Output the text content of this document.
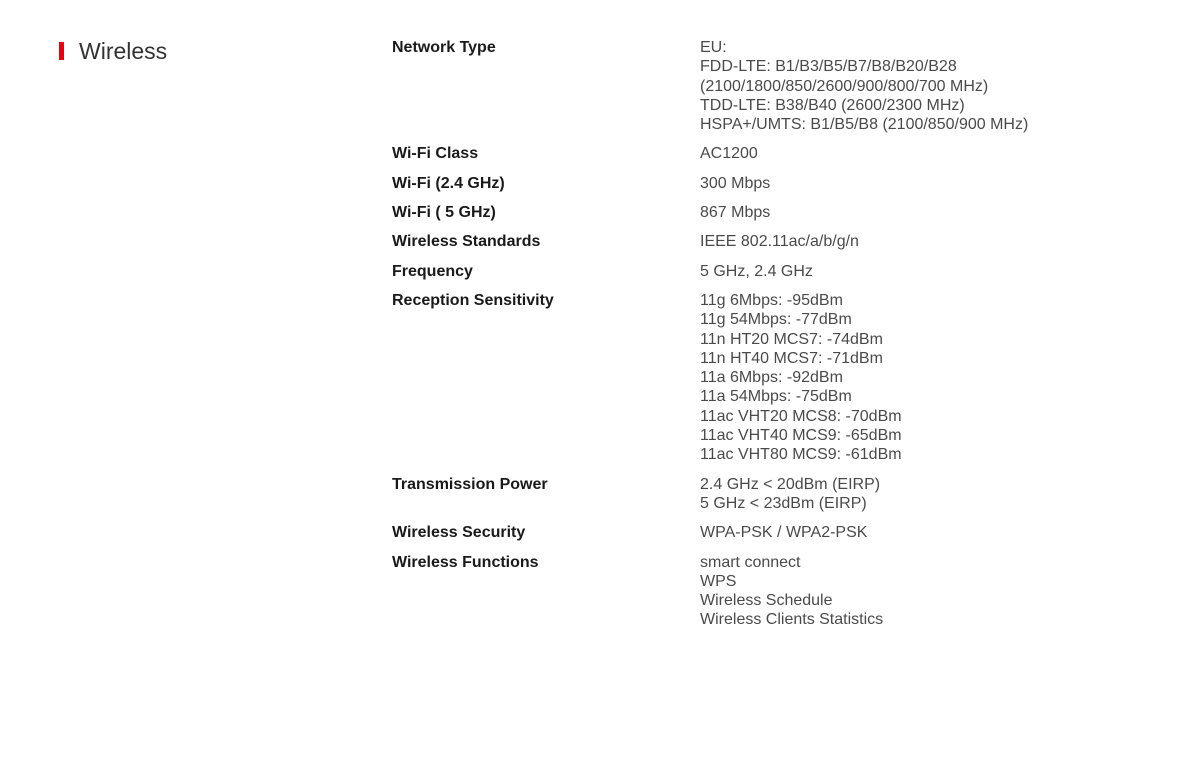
Wireless	Network Type	EU:
FDD-LTE: B1/B3/B5/B7/B8/B20/B28
(2100/1800/850/2600/900/800/700 MHz)
TDD-LTE: B38/B40 (2600/2300 MHz)
HSPA+/UMTS: B1/B5/B8 (2100/850/900 MHz)
Wi-Fi Class	AC1200
Wi-Fi (2.4 GHz)	300 Mbps
Wi-Fi ( 5 GHz)	867 Mbps
Wireless Standards	IEEE 802.11ac/a/b/g/n
Frequency	5 GHz, 2.4 GHz
Reception Sensitivity	11g 6Mbps: -95dBm
11g 54Mbps: -77dBm
11n HT20 MCS7: -74dBm
11n HT40 MCS7: -71dBm
11a 6Mbps: -92dBm
11a 54Mbps: -75dBm
11ac VHT20 MCS8: -70dBm
11ac VHT40 MCS9: -65dBm
11ac VHT80 MCS9: -61dBm
Transmission Power	2.4 GHz < 20dBm (EIRP)
5 GHz < 23dBm (EIRP)
Wireless Security	WPA-PSK / WPA2-PSK
Wireless Functions	smart connect
WPS
Wireless Schedule
Wireless Clients Statistics
